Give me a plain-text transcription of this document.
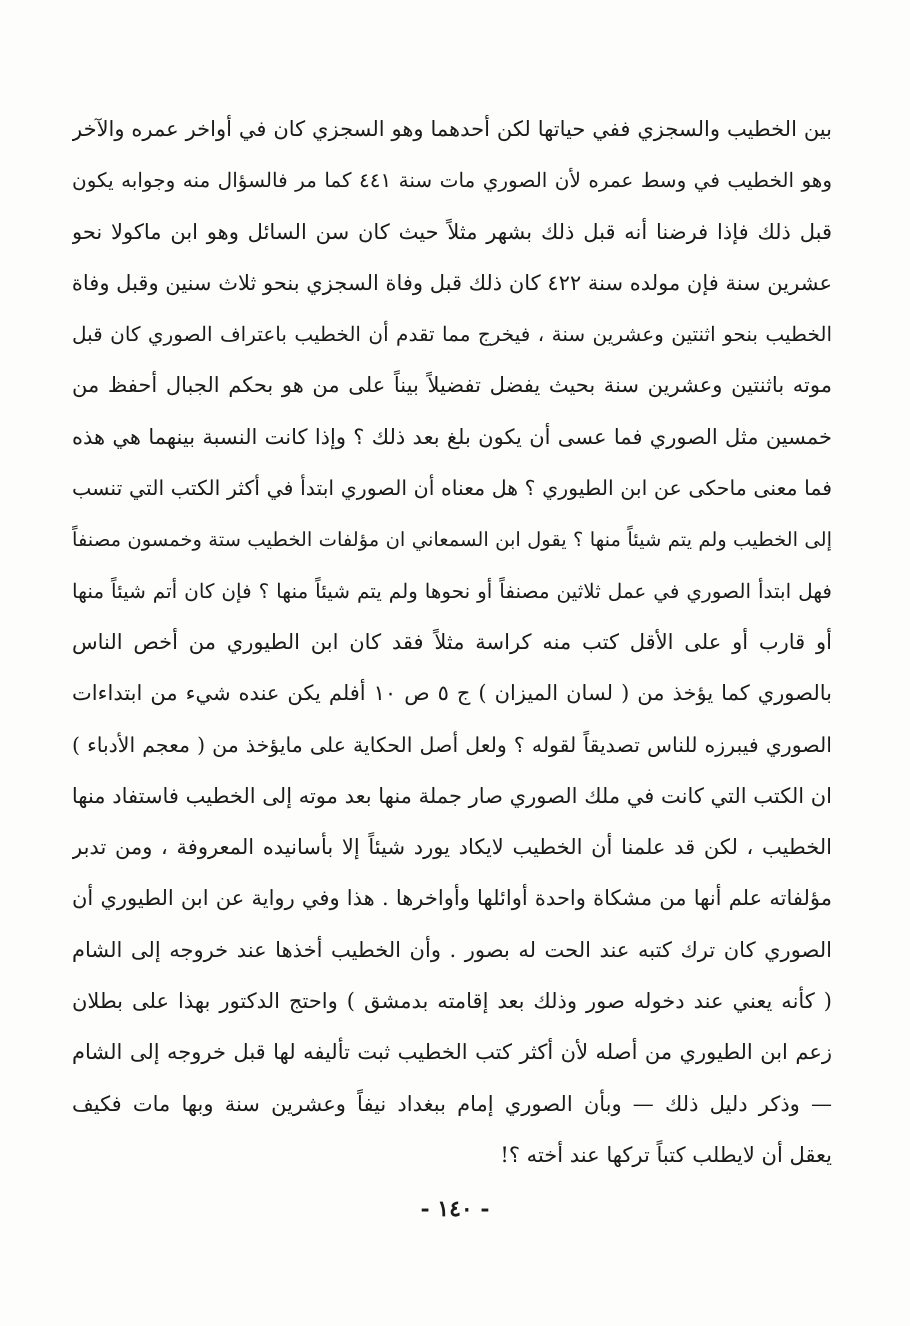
بين الخطيب والسجزي ففي حياتها لكن أحدهما وهو السجزي كان في أواخر عمره والآخر
وهو الخطيب في وسط عمره لأن الصوري مات سنة ٤٤١ كما مر فالسؤال منه وجوابه يكون
قبل ذلك فإذا فرضنا أنه قبل ذلك بشهر مثلاً حيث كان سن السائل وهو ابن ماكولا نحو
عشرين سنة فإن مولده سنة ٤٢٢ كان ذلك قبل وفاة السجزي بنحو ثلاث سنين وقبل وفاة
الخطيب بنحو اثنتين وعشرين سنة ، فيخرج مما تقدم أن الخطيب باعتراف الصوري كان قبل
موته باثنتين وعشرين سنة بحيث يفضل تفضيلاً بيناً على من هو بحكم الجبال أحفظ من
خمسين مثل الصوري فما عسى أن يكون بلغ بعد ذلك ؟ وإذا كانت النسبة بينهما هي هذه
فما معنى ماحكى عن ابن الطيوري ؟ هل معناه أن الصوري ابتدأ في أكثر الكتب التي تنسب
إلى الخطيب ولم يتم شيئاً منها ؟ يقول ابن السمعاني ان مؤلفات الخطيب ستة وخمسون مصنفاً
فهل ابتدأ الصوري في عمل ثلاثين مصنفاً أو نحوها ولم يتم شيئاً منها ؟ فإن كان أتم شيئاً منها
أو قارب أو على الأقل كتب منه كراسة مثلاً فقد كان ابن الطيوري من أخص الناس
بالصوري كما يؤخذ من ( لسان الميزان ) ج ٥ ص ١٠ أفلم يكن عنده شيء من ابتداءات
الصوري فيبرزه للناس تصديقاً لقوله ؟ ولعل أصل الحكاية على مايؤخذ من ( معجم الأدباء )
ان الكتب التي كانت في ملك الصوري صار جملة منها بعد موته إلى الخطيب فاستفاد منها
الخطيب ، لكن قد علمنا أن الخطيب لايكاد يورد شيئاً إلا بأسانيده المعروفة ، ومن تدبر
مؤلفاته علم أنها من مشكاة واحدة أوائلها وأواخرها . هذا وفي رواية عن ابن الطيوري أن
الصوري كان ترك كتبه عند الحت له بصور . وأن الخطيب أخذها عند خروجه إلى الشام
( كأنه يعني عند دخوله صور وذلك بعد إقامته بدمشق ) واحتج الدكتور بهذا على بطلان
زعم ابن الطيوري من أصله لأن أكثر كتب الخطيب ثبت تأليفه لها قبل خروجه إلى الشام
— وذكر دليل ذلك — وبأن الصوري إمام ببغداد نيفاً وعشرين سنة وبها مات فكيف
يعقل أن لايطلب كتباً تركها عند أخته ؟!
- ١٤٠ -
